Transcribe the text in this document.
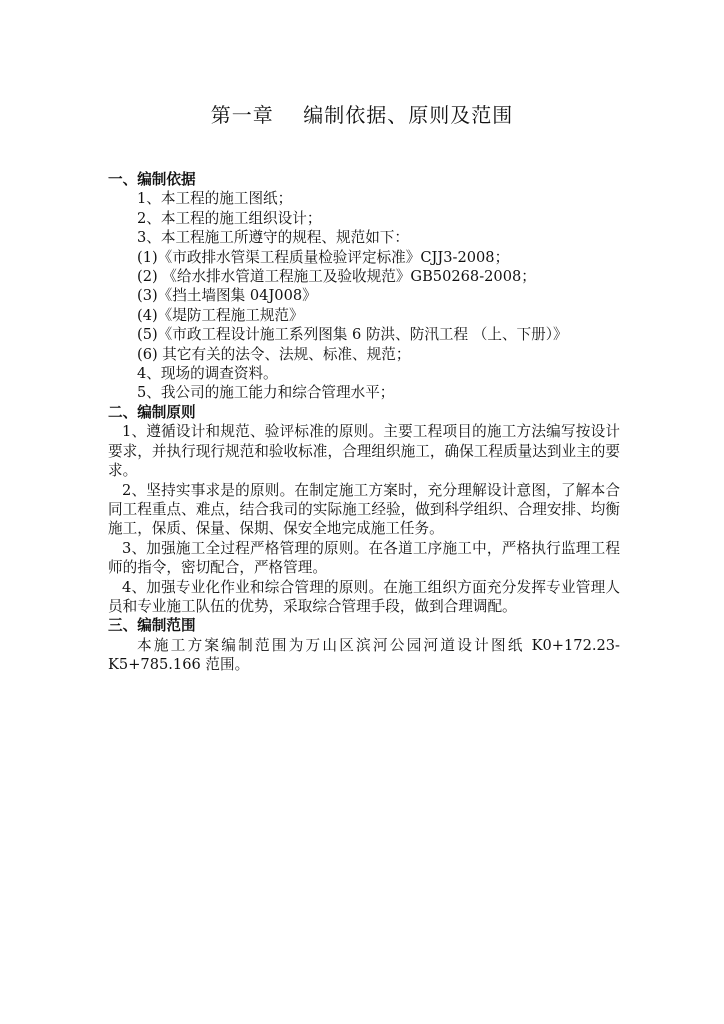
第一章    编制依据、原则及范围
一、编制依据
1、本工程的施工图纸；
2、本工程的施工组织设计；
3、本工程施工所遵守的规程、规范如下：
(1)《市政排水管渠工程质量检验评定标准》CJJ3-2008；
(2) 《给水排水管道工程施工及验收规范》GB50268-2008；
(3)《挡土墙图集 04J008》
(4)《堤防工程施工规范》
(5)《市政工程设计施工系列图集 6 防洪、防汛工程 （上、下册）》
(6) 其它有关的法令、法规、标准、规范；
4、现场的调查资料。
5、我公司的施工能力和综合管理水平；
二、编制原则

1、遵循设计和规范、验评标准的原则。主要工程项目的施工方法编写按设计要求，并执行现行规范和验收标准，合理组织施工，确保工程质量达到业主的要求。

2、坚持实事求是的原则。在制定施工方案时，充分理解设计意图，了解本合同工程重点、难点，结合我司的实际施工经验，做到科学组织、合理安排、均衡施工，保质、保量、保期、保安全地完成施工任务。

3、加强施工全过程严格管理的原则。在各道工序施工中，严格执行监理工程师的指令，密切配合，严格管理。

4、加强专业化作业和综合管理的原则。在施工组织方面充分发挥专业管理人员和专业施工队伍的优势，采取综合管理手段，做到合理调配。

三、编制范围

本施工方案编制范围为万山区滨河公园河道设计图纸 K0+172.23-K5+785.166 范围。
